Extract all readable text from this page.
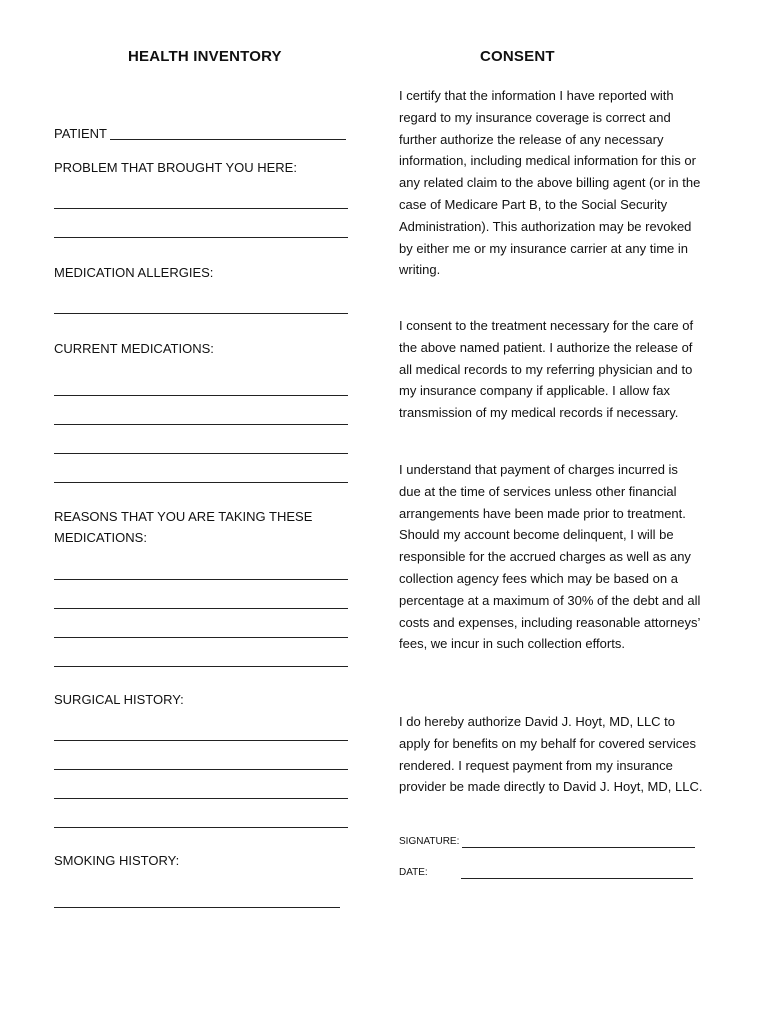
HEALTH INVENTORY
PATIENT
PROBLEM THAT BROUGHT YOU HERE:
MEDICATION ALLERGIES:
CURRENT MEDICATIONS:
REASONS THAT YOU ARE TAKING THESE MEDICATIONS:
SURGICAL HISTORY:
SMOKING HISTORY:
CONSENT
I certify that the information I have reported with regard to my insurance coverage is correct and further authorize the release of any necessary information, including medical information for this or any related claim to the above billing agent (or in the case of Medicare Part B, to the Social Security Administration). This authorization may be revoked by either me or my insurance carrier at any time in writing.
I consent to the treatment necessary for the care of the above named patient. I authorize the release of all medical records to my referring physician and to my insurance company if applicable. I allow fax transmission of my medical records if necessary.
I understand that payment of charges incurred is due at the time of services unless other financial arrangements have been made prior to treatment. Should my account become delinquent, I will be responsible for the accrued charges as well as any collection agency fees which may be based on a percentage at a maximum of 30% of the debt and all costs and expenses, including reasonable attorneys’ fees, we incur in such collection efforts.
I do hereby authorize David J. Hoyt, MD, LLC to apply for benefits on my behalf for covered services rendered. I request payment from my insurance provider be made directly to David J. Hoyt, MD, LLC.
SIGNATURE:
DATE:
